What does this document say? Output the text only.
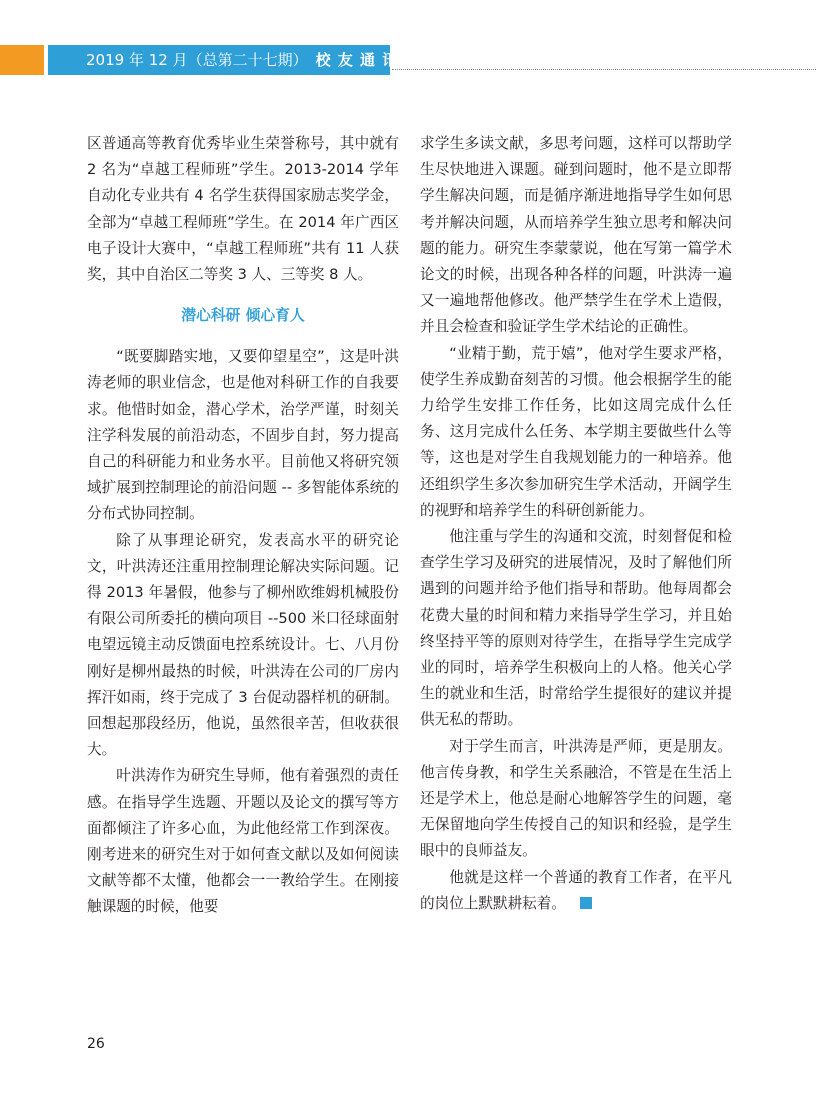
2019 年 12 月（总第二十七期） 校 友 通 讯

区普通高等教育优秀毕业生荣誉称号，其中就有 2 名为“卓越工程师班”学生。2013-2014 学年自动化专业共有 4 名学生获得国家励志奖学金，全部为“卓越工程师班”学生。在 2014 年广西区电子设计大赛中，“卓越工程师班”共有 11 人获奖，其中自治区二等奖 3 人、三等奖 8 人。

潜心科研 倾心育人

“既要脚踏实地，又要仰望星空”，这是叶洪涛老师的职业信念，也是他对科研工作的自我要求。他惜时如金，潜心学术，治学严谨，时刻关注学科发展的前沿动态，不固步自封，努力提高自己的科研能力和业务水平。目前他又将研究领域扩展到控制理论的前沿问题 -- 多智能体系统的分布式协同控制。

除了从事理论研究，发表高水平的研究论文，叶洪涛还注重用控制理论解决实际问题。记得 2013 年暑假，他参与了柳州欧维姆机械股份有限公司所委托的横向项目 --500 米口径球面射电望远镜主动反馈面电控系统设计。七、八月份刚好是柳州最热的时候，叶洪涛在公司的厂房内挥汗如雨，终于完成了 3 台促动器样机的研制。回想起那段经历，他说，虽然很辛苦，但收获很大。

叶洪涛作为研究生导师，他有着强烈的责任感。在指导学生选题、开题以及论文的撰写等方面都倾注了许多心血，为此他经常工作到深夜。刚考进来的研究生对于如何查文献以及如何阅读文献等都不太懂，他都会一一教给学生。在刚接触课题的时候，他要

求学生多读文献，多思考问题，这样可以帮助学生尽快地进入课题。碰到问题时，他不是立即帮学生解决问题，而是循序渐进地指导学生如何思考并解决问题，从而培养学生独立思考和解决问题的能力。研究生李蒙蒙说，他在写第一篇学术论文的时候，出现各种各样的问题，叶洪涛一遍又一遍地帮他修改。他严禁学生在学术上造假，并且会检查和验证学生学术结论的正确性。

“业精于勤，荒于嬉”，他对学生要求严格，使学生养成勤奋刻苦的习惯。他会根据学生的能力给学生安排工作任务，比如这周完成什么任务、这月完成什么任务、本学期主要做些什么等等，这也是对学生自我规划能力的一种培养。他还组织学生多次参加研究生学术活动，开阔学生的视野和培养学生的科研创新能力。

他注重与学生的沟通和交流，时刻督促和检查学生学习及研究的进展情况，及时了解他们所遇到的问题并给予他们指导和帮助。他每周都会花费大量的时间和精力来指导学生学习，并且始终坚持平等的原则对待学生，在指导学生完成学业的同时，培养学生积极向上的人格。他关心学生的就业和生活，时常给学生提很好的建议并提供无私的帮助。

对于学生而言，叶洪涛是严师，更是朋友。他言传身教，和学生关系融洽，不管是在生活上还是学术上，他总是耐心地解答学生的问题，毫无保留地向学生传授自己的知识和经验，是学生眼中的良师益友。

他就是这样一个普通的教育工作者，在平凡的岗位上默默耕耘着。

26
